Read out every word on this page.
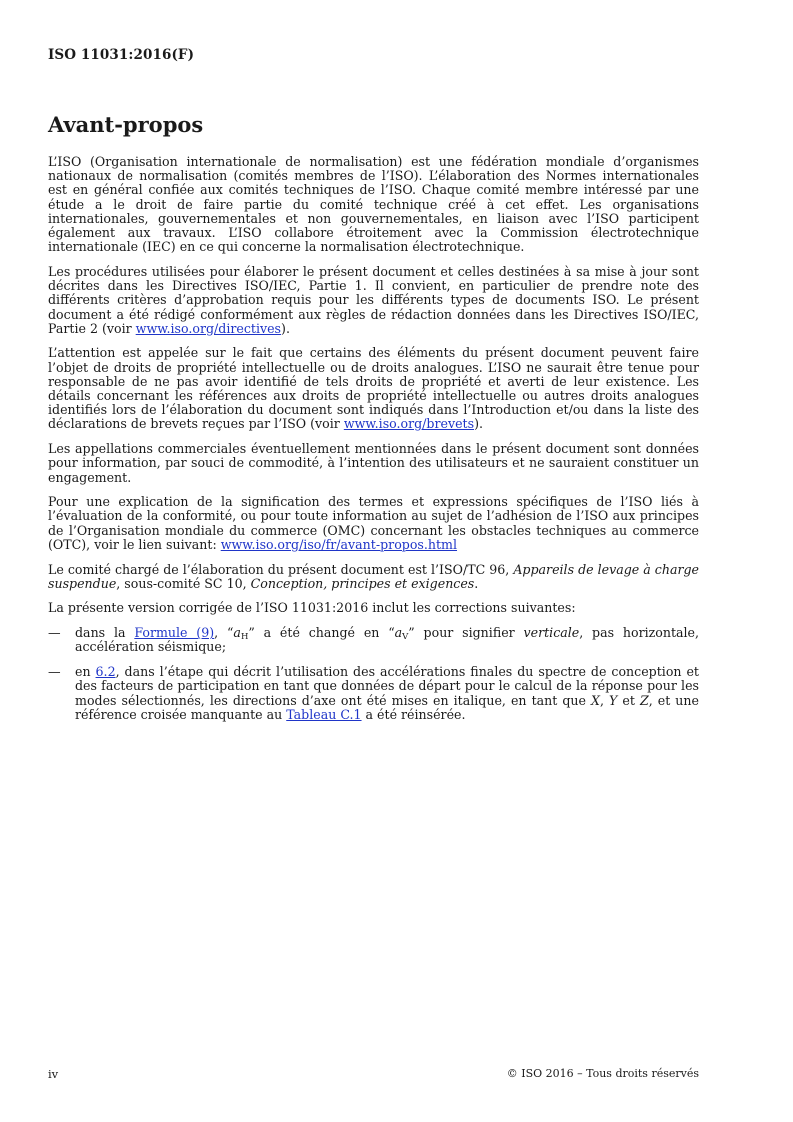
ISO 11031:2016(F)
Avant-propos

L’ISO (Organisation internationale de normalisation) est une fédération mondiale d’organismes nationaux de normalisation (comités membres de l’ISO). L’élaboration des Normes internationales est en général confiée aux comités techniques de l’ISO. Chaque comité membre intéressé par une étude a le droit de faire partie du comité technique créé à cet effet. Les organisations internationales, gouvernementales et non gouvernementales, en liaison avec l’ISO participent également aux travaux. L’ISO collabore étroitement avec la Commission électrotechnique internationale (IEC) en ce qui concerne la normalisation électrotechnique.

Les procédures utilisées pour élaborer le présent document et celles destinées à sa mise à jour sont décrites dans les Directives ISO/IEC, Partie 1. Il convient, en particulier de prendre note des différents critères d’approbation requis pour les différents types de documents ISO. Le présent document a été rédigé conformément aux règles de rédaction données dans les Directives ISO/IEC, Partie 2 (voir www.iso.org/directives).

L’attention est appelée sur le fait que certains des éléments du présent document peuvent faire l’objet de droits de propriété intellectuelle ou de droits analogues. L’ISO ne saurait être tenue pour responsable de ne pas avoir identifié de tels droits de propriété et averti de leur existence. Les détails concernant les références aux droits de propriété intellectuelle ou autres droits analogues identifiés lors de l’élaboration du document sont indiqués dans l’Introduction et/ou dans la liste des déclarations de brevets reçues par l’ISO (voir www.iso.org/brevets).

Les appellations commerciales éventuellement mentionnées dans le présent document sont données pour information, par souci de commodité, à l’intention des utilisateurs et ne sauraient constituer un engagement.

Pour une explication de la signification des termes et expressions spécifiques de l’ISO liés à l’évaluation de la conformité, ou pour toute information au sujet de l’adhésion de l’ISO aux principes de l’Organisation mondiale du commerce (OMC) concernant les obstacles techniques au commerce (OTC), voir le lien suivant: www.iso.org/iso/fr/avant-propos.html

Le comité chargé de l’élaboration du présent document est l’ISO/TC 96, Appareils de levage à charge suspendue, sous-comité SC 10, Conception, principes et exigences.

La présente version corrigée de l’ISO 11031:2016 inclut les corrections suivantes:

—	dans la Formule (9), “$a_H$” a été changé en “$a_V$” pour signifier verticale, pas horizontale, accélération séismique;
—	en 6.2, dans l’étape qui décrit l’utilisation des accélérations finales du spectre de conception et des facteurs de participation en tant que données de départ pour le calcul de la réponse pour les modes sélectionnés, les directions d’axe ont été mises en italique, en tant que X, Y et Z, et une référence croisée manquante au Tableau C.1 a été réinsérée.
iv	© ISO 2016 – Tous droits réservés
